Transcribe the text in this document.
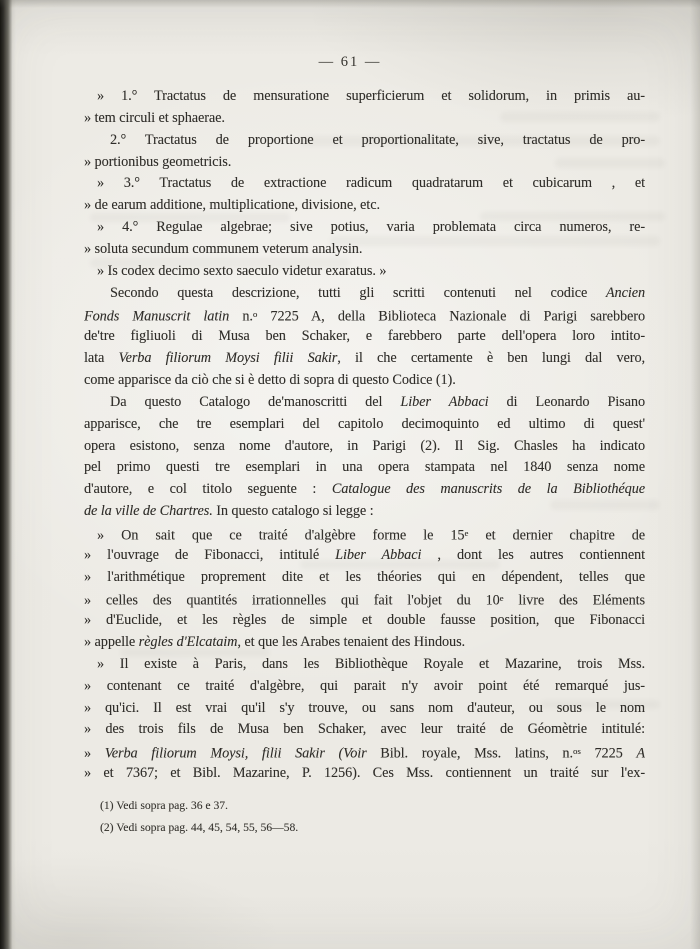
— 61 —
» 1.° Tractatus de mensuratione superficierum et solidorum, in primis au-
» tem circuli et sphaerae.
2.° Tractatus de proportione et proportionalitate, sive, tractatus de pro-
» portionibus geometricis.
» 3.° Tractatus de extractione radicum quadratarum et cubicarum , et
» de earum additione, multiplicatione, divisione, etc.
» 4.° Regulae algebrae; sive potius, varia problemata circa numeros, re-
» soluta secundum communem veterum analysin.
» Is codex decimo sexto saeculo videtur exaratus. »
Secondo questa descrizione, tutti gli scritti contenuti nel codice Ancien
Fonds Manuscrit latin n.$^o$ 7225 A, della Biblioteca Nazionale di Parigi sarebbero
de'tre figliuoli di Musa ben Schaker, e farebbero parte dell'opera loro intito-
lata Verba filiorum Moysi filii Sakir, il che certamente è ben lungi dal vero,
come apparisce da ciò che si è detto di sopra di questo Codice (1).
Da questo Catalogo de'manoscritti del Liber Abbaci di Leonardo Pisano
apparisce, che tre esemplari del capitolo decimoquinto ed ultimo di quest'
opera esistono, senza nome d'autore, in Parigi (2). Il Sig. Chasles ha indicato
pel primo questi tre esemplari in una opera stampata nel 1840 senza nome
d'autore, e col titolo seguente : Catalogue des manuscrits de la Bibliothéque
de la ville de Chartres. In questo catalogo si legge :
» On sait que ce traité d'algèbre forme le 15e et dernier chapitre de
» l'ouvrage de Fibonacci, intitulé Liber Abbaci , dont les autres contiennent
» l'arithmétique proprement dite et les théories qui en dépendent, telles que
» celles des quantités irrationnelles qui fait l'objet du 10e livre des Eléments
» d'Euclide, et les règles de simple et double fausse position, que Fibonacci
» appelle règles d'Elcataim, et que les Arabes tenaient des Hindous.
» Il existe à Paris, dans les Bibliothèque Royale et Mazarine, trois Mss.
» contenant ce traité d'algèbre, qui parait n'y avoir point été remarqué jus-
» qu'ici. Il est vrai qu'il s'y trouve, ou sans nom d'auteur, ou sous le nom
» des trois fils de Musa ben Schaker, avec leur traité de Géomètrie intitulé:
» Verba filiorum Moysi, filii Sakir (Voir Bibl. royale, Mss. latins, n.$^{os}$ 7225 A
» et 7367; et Bibl. Mazarine, P. 1256). Ces Mss. contiennent un traité sur l'ex-
(1) Vedi sopra pag. 36 e 37.
(2) Vedi sopra pag. 44, 45, 54, 55, 56—58.
